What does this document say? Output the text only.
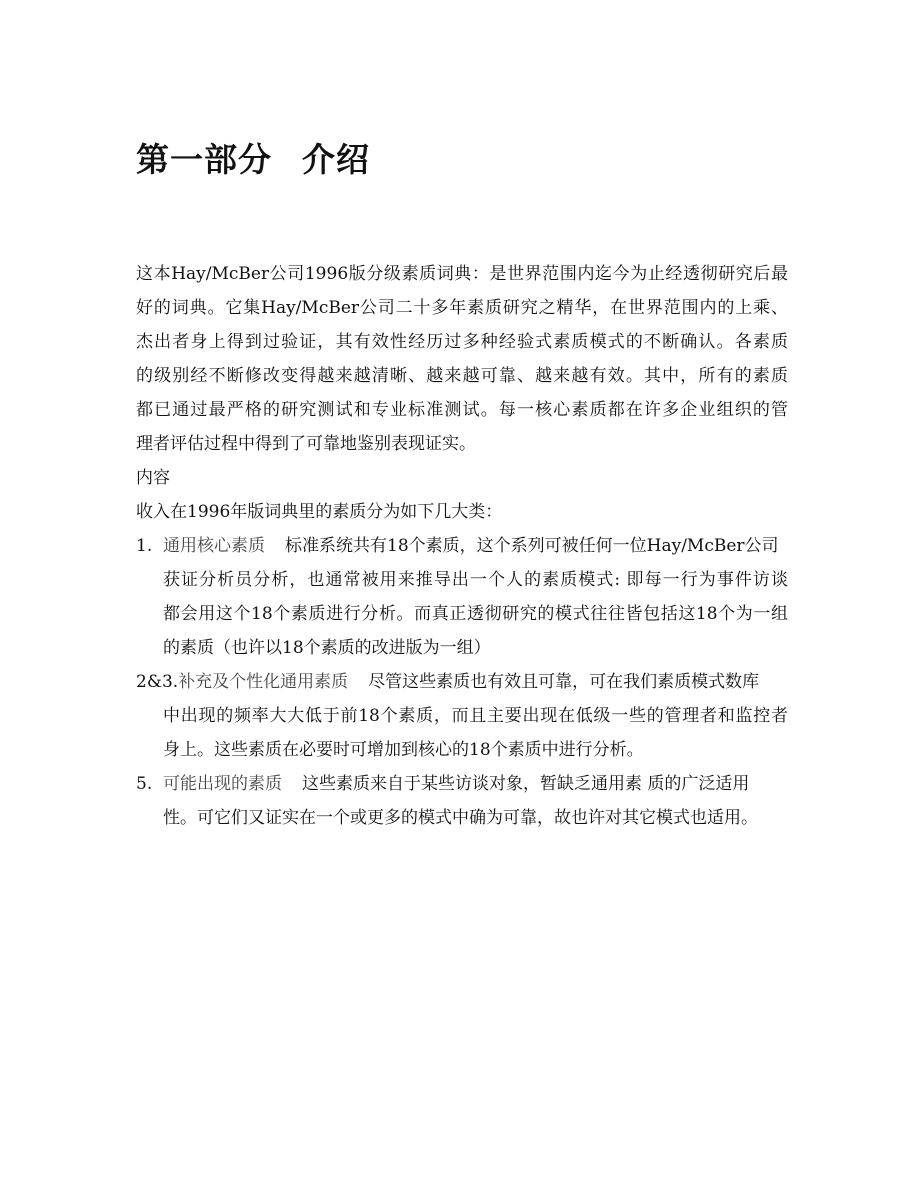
第一部分 介绍
这本Hay/McBer公司1996版分级素质词典：是世界范围内迄今为止经透彻研究后最
好的词典。它集Hay/McBer公司二十多年素质研究之精华，在世界范围内的上乘、
杰出者身上得到过验证，其有效性经历过多种经验式素质模式的不断确认。各素质
的级别经不断修改变得越来越清晰、越来越可靠、越来越有效。其中，所有的素质
都已通过最严格的研究测试和专业标准测试。每一核心素质都在许多企业组织的管
理者评估过程中得到了可靠地鉴别表现证实。

内容

收入在1996年版词典里的素质分为如下几大类：

1. 通用核心素质 标准系统共有18个素质，这个系列可被任何一位Hay/McBer公司
获证分析员分析，也通常被用来推导出一个人的素质模式: 即每一行为事件访谈
都会用这个18个素质进行分析。而真正透彻研究的模式往往皆包括这18个为一组
的素质（也许以18个素质的改进版为一组）
2&3.补充及个性化通用素质 尽管这些素质也有效且可靠，可在我们素质模式数库
中出现的频率大大低于前18个素质，而且主要出现在低级一些的管理者和监控者
身上。这些素质在必要时可增加到核心的18个素质中进行分析。
5. 可能出现的素质 这些素质来自于某些访谈对象，暂缺乏通用素 质的广泛适用
性。可它们又证实在一个或更多的模式中确为可靠，故也许对其它模式也适用。
